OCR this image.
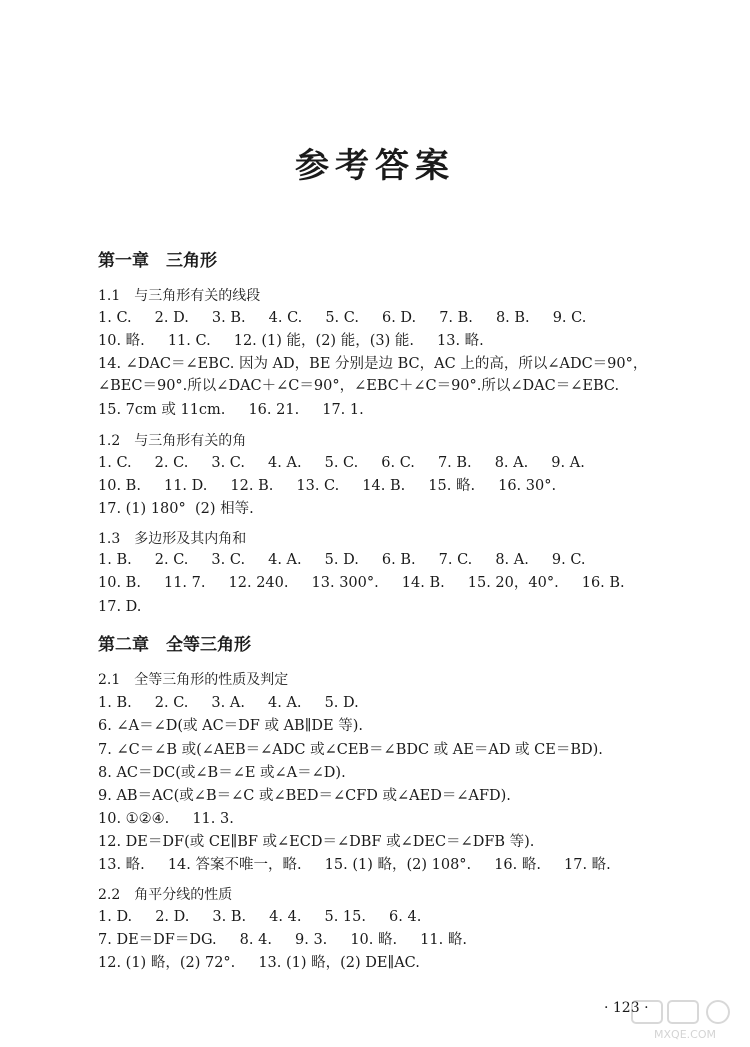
参考答案
第一章　三角形
1.1　与三角形有关的线段
1. C.     2. D.     3. B.     4. C.     5. C.     6. D.     7. B.     8. B.     9. C.
10. 略.     11. C.     12. (1) 能，(2) 能，(3) 能.     13. 略.
14. ∠DAC＝∠EBC. 因为 AD，BE 分别是边 BC，AC 上的高，所以∠ADC＝90°，
∠BEC＝90°.所以∠DAC＋∠C＝90°，∠EBC＋∠C＝90°.所以∠DAC＝∠EBC.
15. 7cm 或 11cm.     16. 21.     17. 1.
1.2　与三角形有关的角
1. C.     2. C.     3. C.     4. A.     5. C.     6. C.     7. B.     8. A.     9. A.
10. B.     11. D.     12. B.     13. C.     14. B.     15. 略.     16. 30°.
17. (1) 180°  (2) 相等.
1.3　多边形及其内角和
1. B.     2. C.     3. C.     4. A.     5. D.     6. B.     7. C.     8. A.     9. C.
10. B.     11. 7.     12. 240.     13. 300°.     14. B.     15. 20，40°.     16. B.
17. D.
第二章　全等三角形
2.1　全等三角形的性质及判定
1. B.     2. C.     3. A.     4. A.     5. D.
6. ∠A＝∠D(或 AC＝DF 或 AB∥DE 等).
7. ∠C＝∠B 或(∠AEB＝∠ADC 或∠CEB＝∠BDC 或 AE＝AD 或 CE＝BD).
8. AC＝DC(或∠B＝∠E 或∠A＝∠D).
9. AB＝AC(或∠B＝∠C 或∠BED＝∠CFD 或∠AED＝∠AFD).
10. ①②④.     11. 3.
12. DE＝DF(或 CE∥BF 或∠ECD＝∠DBF 或∠DEC＝∠DFB 等).
13. 略.     14. 答案不唯一，略.     15. (1) 略，(2) 108°.     16. 略.     17. 略.
2.2　角平分线的性质
1. D.     2. D.     3. B.     4. 4.     5. 15.     6. 4.
7. DE＝DF＝DG.     8. 4.     9. 3.     10. 略.     11. 略.
12. (1) 略，(2) 72°.     13. (1) 略，(2) DE∥AC.
· 123 ·
MXQE.COM
